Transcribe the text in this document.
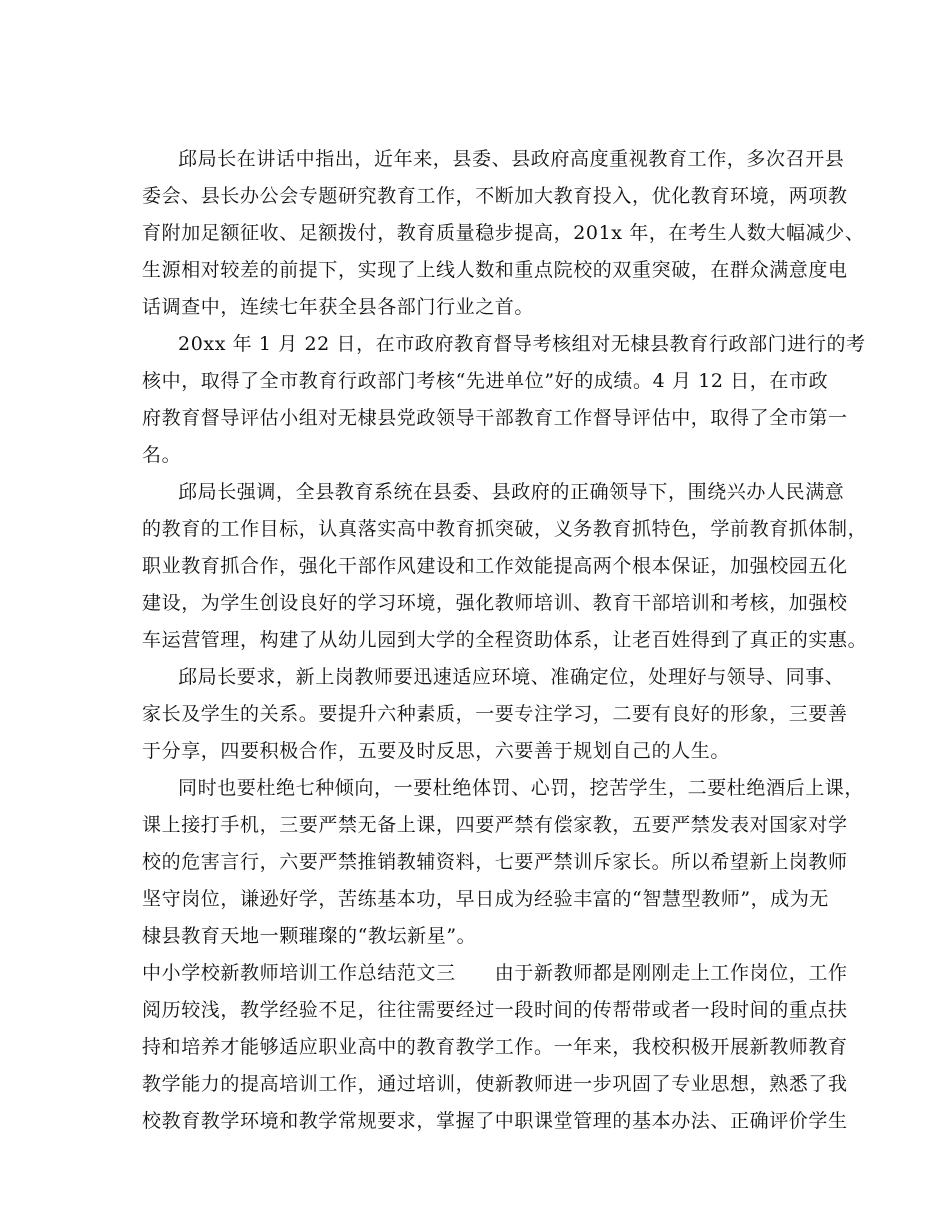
邱局长在讲话中指出，近年来，县委、县政府高度重视教育工作，多次召开县
委会、县长办公会专题研究教育工作，不断加大教育投入，优化教育环境，两项教
育附加足额征收、足额拨付，教育质量稳步提高，201x 年，在考生人数大幅减少、
生源相对较差的前提下，实现了上线人数和重点院校的双重突破，在群众满意度电
话调查中，连续七年获全县各部门行业之首。
20xx 年 1 月 22 日，在市政府教育督导考核组对无棣县教育行政部门进行的考
核中，取得了全市教育行政部门考核“先进单位”好的成绩。4 月 12 日，在市政
府教育督导评估小组对无棣县党政领导干部教育工作督导评估中，取得了全市第一
名。
邱局长强调，全县教育系统在县委、县政府的正确领导下，围绕兴办人民满意
的教育的工作目标，认真落实高中教育抓突破，义务教育抓特色，学前教育抓体制，
职业教育抓合作，强化干部作风建设和工作效能提高两个根本保证，加强校园五化
建设，为学生创设良好的学习环境，强化教师培训、教育干部培训和考核，加强校
车运营管理，构建了从幼儿园到大学的全程资助体系，让老百姓得到了真正的实惠。
邱局长要求，新上岗教师要迅速适应环境、准确定位，处理好与领导、同事、
家长及学生的关系。要提升六种素质，一要专注学习，二要有良好的形象，三要善
于分享，四要积极合作，五要及时反思，六要善于规划自己的人生。
同时也要杜绝七种倾向，一要杜绝体罚、心罚，挖苦学生，二要杜绝酒后上课，
课上接打手机，三要严禁无备上课，四要严禁有偿家教，五要严禁发表对国家对学
校的危害言行，六要严禁推销教辅资料，七要严禁训斥家长。所以希望新上岗教师
坚守岗位，谦逊好学，苦练基本功，早日成为经验丰富的“智慧型教师”，成为无
棣县教育天地一颗璀璨的“教坛新星”。
中小学校新教师培训工作总结范文三　　由于新教师都是刚刚走上工作岗位，工作
阅历较浅，教学经验不足，往往需要经过一段时间的传帮带或者一段时间的重点扶
持和培养才能够适应职业高中的教育教学工作。一年来，我校积极开展新教师教育
教学能力的提高培训工作，通过培训，使新教师进一步巩固了专业思想，熟悉了我
校教育教学环境和教学常规要求，掌握了中职课堂管理的基本办法、正确评价学生
